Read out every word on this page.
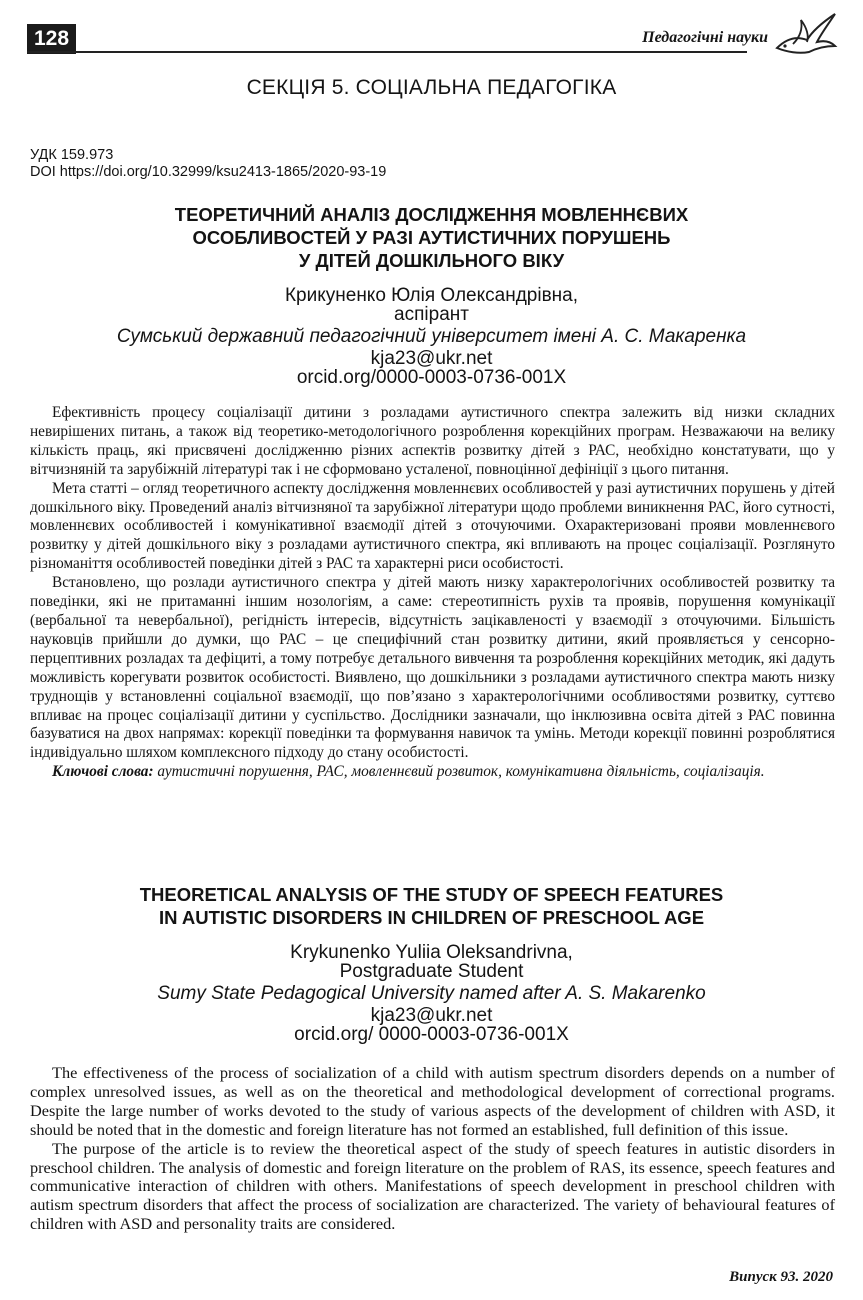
128	Педагогічні науки
СЕКЦІЯ 5. СОЦІАЛЬНА ПЕДАГОГІКА
УДК 159.973
DOI https://doi.org/10.32999/ksu2413-1865/2020-93-19
ТЕОРЕТИЧНИЙ АНАЛІЗ ДОСЛІДЖЕННЯ МОВЛЕННЄВИХ
ОСОБЛИВОСТЕЙ У РАЗІ АУТИСТИЧНИХ ПОРУШЕНЬ
У ДІТЕЙ ДОШКІЛЬНОГО ВІКУ
Крикуненко Юлія Олександрівна,
аспірант
Сумський державний педагогічний університет імені А. С. Макаренка
kja23@ukr.net
orcid.org/0000-0003-0736-001X

Ефективність процесу соціалізації дитини з розладами аутистичного спектра залежить від низки складних невирішених питань, а також від теоретико-методологічного розроблення корекційних програм. Незважаючи на велику кількість праць, які присвячені дослідженню різних аспектів розвитку дітей з РАС, необхідно констатувати, що у вітчизняній та зарубіжній літературі так і не сформовано усталеної, повноцінної дефініції з цього питання.

Мета статті – огляд теоретичного аспекту дослідження мовленнєвих особливостей у разі аутистичних порушень у дітей дошкільного віку. Проведений аналіз вітчизняної та зарубіжної літератури щодо проблеми виникнення РАС, його сутності, мовленнєвих особливостей і комунікативної взаємодії дітей з оточуючими. Охарактеризовані прояви мовленнєвого розвитку у дітей дошкільного віку з розладами аутистичного спектра, які впливають на процес соціалізації. Розглянуто різноманіття особливостей поведінки дітей з РАС та характерні риси особистості.

Встановлено, що розлади аутистичного спектра у дітей мають низку характерологічних особливостей розвитку та поведінки, які не притаманні іншим нозологіям, а саме: стереотипність рухів та проявів, порушення комунікації (вербальної та невербальної), регідність інтересів, відсутність зацікавленості у взаємодії з оточуючими. Більшість науковців прийшли до думки, що РАС – це специфічний стан розвитку дитини, який проявляється у сенсорно-перцептивних розладах та дефіциті, а тому потребує детального вивчення та розроблення корекційних методик, які дадуть можливість корегувати розвиток особистості. Виявлено, що дошкільники з розладами аутистичного спектра мають низку труднощів у встановленні соціальної взаємодії, що пов’язано з характерологічними особливостями розвитку, суттєво впливає на процес соціалізації дитини у суспільство. Дослідники зазначали, що інклюзивна освіта дітей з РАС повинна базуватися на двох напрямах: корекції поведінки та формування навичок та умінь. Методи корекції повинні розроблятися індивідуально шляхом комплексного підходу до стану особистості.

Ключові слова: аутистичні порушення, РАС, мовленнєвий розвиток, комунікативна діяльність, соціалізація.

THEORETICAL ANALYSIS OF THE STUDY OF SPEECH FEATURES
IN AUTISTIC DISORDERS IN CHILDREN OF PRESCHOOL AGE
Krykunenko Yuliia Oleksandrivna,
Postgraduate Student
Sumy State Pedagogical University named after A. S. Makarenko
kja23@ukr.net
orcid.org/ 0000-0003-0736-001X

The effectiveness of the process of socialization of a child with autism spectrum disorders depends on a number of complex unresolved issues, as well as on the theoretical and methodological development of correctional programs. Despite the large number of works devoted to the study of various aspects of the development of children with ASD, it should be noted that in the domestic and foreign literature has not formed an established, full definition of this issue.

The purpose of the article is to review the theoretical aspect of the study of speech features in autistic disorders in preschool children. The analysis of domestic and foreign literature on the problem of RAS, its essence, speech features and communicative interaction of children with others. Manifestations of speech development in preschool children with autism spectrum disorders that affect the process of socialization are characterized. The variety of behavioural features of children with ASD and personality traits are considered.

Випуск 93. 2020
